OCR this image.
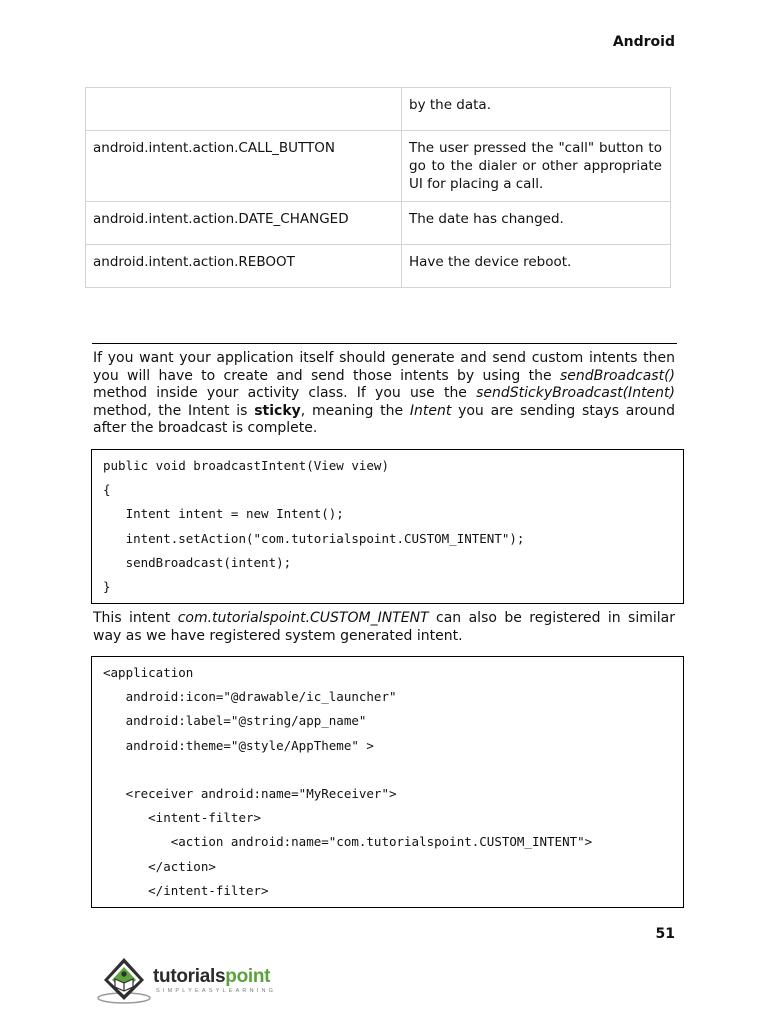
Android
	by the data.
android.intent.action.CALL_BUTTON	The user pressed the "call" button to go to the dialer or other appropriate UI for placing a call.
android.intent.action.DATE_CHANGED	The date has changed.
android.intent.action.REBOOT	Have the device reboot.
If you want your application itself should generate and send custom intents then you will have to create and send those intents by using the sendBroadcast() method inside your activity class. If you use the sendStickyBroadcast(Intent) method, the Intent is sticky, meaning the Intent you are sending stays around after the broadcast is complete.
public void broadcastIntent(View view)
{
Intent intent = new Intent();
intent.setAction("com.tutorialspoint.CUSTOM_INTENT");
sendBroadcast(intent);
}
This intent com.tutorialspoint.CUSTOM_INTENT can also be registered in similar way as we have registered system generated intent.
<application
android:icon="@drawable/ic_launcher"
android:label="@string/app_name"
android:theme="@style/AppTheme" >
<receiver android:name="MyReceiver">
<intent-filter>
<action android:name="com.tutorialspoint.CUSTOM_INTENT">
</action>
</intent-filter>
51
tutorialspoint
SIMPLYEASYLEARNING
